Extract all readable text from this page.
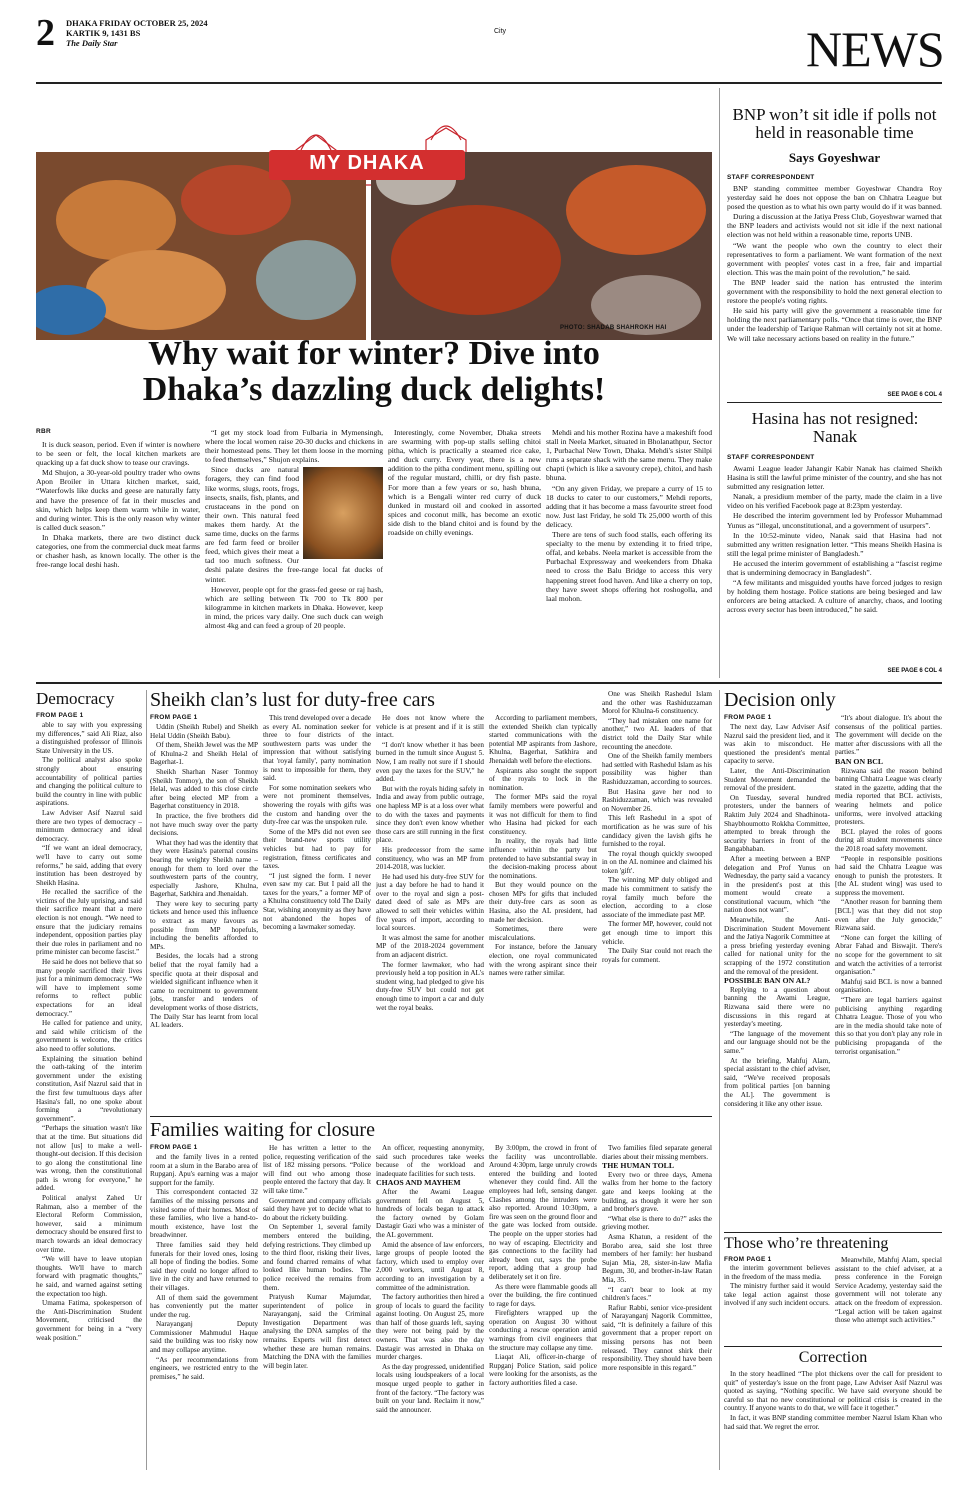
2 DHAKA FRIDAY OCTOBER 25, 2024
KARTIK 9, 1431 BS
The Daily Star
City	NEWS
MY DHAKA
PHOTO: SHADAB SHAHROKH HAI
Why wait for winter? Dive into
Dhaka’s dazzling duck delights!
RBR

It is duck season, period. Even if winter is nowhere to be seen or felt, the local kitchen markets are quacking up a fat duck show to tease our cravings.

Md Shujon, a 30-year-old poultry trader who owns Apon Broiler in Uttara kitchen market, said, “Waterfowls like ducks and geese are naturally fatty and have the presence of fat in their muscles and skin, which helps keep them warm while in water, and during winter. This is the only reason why winter is called duck season.”

In Dhaka markets, there are two distinct duck categories, one from the commercial duck meat farms or chasher hash, as known locally. The other is the free-range local deshi hash.

“I get my stock load from Fulbaria in Mymensingh, where the local women raise 20-30 ducks and chickens in their homestead pens. They let them loose in the morning to feed themselves,” Shujon explains.

Since ducks are natural foragers, they can find food like worms, slugs, roots, frogs, insects, snails, fish, plants, and crustaceans in the pond on their own. This natural feed makes them hardy. At the same time, ducks on the farms are fed farm feed or broiler feed, which gives their meat a tad too much softness. Our deshi palate desires the free-range local fat ducks of winter.

However, people opt for the grass-fed geese or raj hash, which are selling between Tk 700 to Tk 800 per kilogramme in kitchen markets in Dhaka. However, keep in mind, the prices vary daily. One such duck can weigh almost 4kg and can feed a group of 20 people.

Interestingly, come November, Dhaka streets are swarming with pop-up stalls selling chitoi pitha, which is practically a steamed rice cake, and duck curry. Every year, there is a new addition to the pitha condiment menu, spilling out of the regular mustard, chilli, or dry fish paste. For more than a few years or so, hash bhuna, which is a Bengali winter red curry of duck dunked in mustard oil and cooked in assorted spices and coconut milk, has become an exotic side dish to the bland chitoi and is found by the roadside on chilly evenings.

Mehdi and his mother Rozina have a makeshift food stall in Neela Market, situated in Bholanathpur, Sector 1, Purbachal New Town, Dhaka. Mehdi's sister Shilpi runs a separate shack with the same menu. They make chapti (which is like a savoury crepe), chitoi, and hash bhuna.

“On any given Friday, we prepare a curry of 15 to 18 ducks to cater to our customers,” Mehdi reports, adding that it has become a mass favourite street food now. Just last Friday, he sold Tk 25,000 worth of this delicacy.

There are tens of such food stalls, each offering its specialty to the menu by extending it to fried tripe, offal, and kebabs. Neela market is accessible from the Purbachal Expressway and weekenders from Dhaka need to cross the Balu Bridge to access this very happening street food haven. And like a cherry on top, they have sweet shops offering hot roshogolla, and laal mohon.

BNP won’t sit idle if polls not held in reasonable time
Says Goyeshwar
STAFF CORRESPONDENT

BNP standing committee member Goyeshwar Chandra Roy yesterday said he does not oppose the ban on Chhatra League but posed the question as to what his own party would do if it was banned.

During a discussion at the Jatiya Press Club, Goyeshwar warned that the BNP leaders and activists would not sit idle if the next national election was not held within a reasonable time, reports UNB.

“We want the people who own the country to elect their representatives to form a parliament. We want formation of the next government with peoples' votes cast in a free, fair and impartial election. This was the main point of the revolution,” he said.

The BNP leader said the nation has entrusted the interim government with the responsibility to hold the next general election to restore the people's voting rights.

He said his party will give the government a reasonable time for holding the next parliamentary polls. “Once that time is over, the BNP under the leadership of Tarique Rahman will certainly not sit at home. We will take necessary actions based on reality in the future.”

SEE PAGE 6 COL 4
Hasina has not resigned: Nanak
STAFF CORRESPONDENT

Awami League leader Jahangir Kabir Nanak has claimed Sheikh Hasina is still the lawful prime minister of the country, and she has not submitted any resignation letter.

Nanak, a presidium member of the party, made the claim in a live video on his verified Facebook page at 8:23pm yesterday.

He described the interim government led by Professor Muhammad Yunus as “illegal, unconstitutional, and a government of usurpers”.

In the 10:52-minute video, Nanak said that Hasina had not submitted any written resignation letter. “This means Sheikh Hasina is still the legal prime minister of Bangladesh.”

He accused the interim government of establishing a “fascist regime that is undermining democracy in Bangladesh”.

“A few militants and misguided youths have forced judges to resign by holding them hostage. Police stations are being besieged and law enforcers are being attacked. A culture of anarchy, chaos, and looting across every sector has been introduced,” he said.

SEE PAGE 6 COL 4
Democracy
FROM PAGE 1

able to say with you expressing my differences,” said Ali Riaz, also a distinguished professor of Illinois State University in the US.

The political analyst also spoke strongly about ensuring accountability of political parties and changing the political culture to build the country in line with public aspirations.

Law Adviser Asif Nazrul said there are two types of democracy – minimum democracy and ideal democracy.

“If we want an ideal democracy, we'll have to carry out some reforms,” he said, adding that every institution has been destroyed by Sheikh Hasina.

He recalled the sacrifice of the victims of the July uprising, and said their sacrifice meant that a mere election is not enough. “We need to ensure that the judiciary remains independent, opposition parties play their due roles in parliament and no prime minister can become fascist.”

He said he does not believe that so many people sacrificed their lives just for a minimum democracy. “We will have to implement some reforms to reflect public expectations for an ideal democracy.”

He called for patience and unity, and said while criticism of the government is welcome, the critics also need to offer solutions.

Explaining the situation behind the oath-taking of the interim government under the existing constitution, Asif Nazrul said that in the first few tumultuous days after Hasina's fall, no one spoke about forming a “revolutionary government”.

“Perhaps the situation wasn't like that at the time. But situations did not allow [us] to make a well-thought-out decision. If this decision to go along the constitutional line was wrong, then the constitutional path is wrong for everyone,” he added.

Political analyst Zahed Ur Rahman, also a member of the Electoral Reform Commission, however, said a minimum democracy should be ensured first to march towards an ideal democracy over time.

“We will have to leave utopian thoughts. We'll have to march forward with pragmatic thoughts,” he said, and warned against setting the expectation too high.

Umama Fatima, spokesperson of the Anti-Discrimination Student Movement, criticised the government for being in a “very weak position.”

Sheikh clan’s lust for duty-free cars
FROM PAGE 1

Uddin (Sheikh Rubel) and Sheikh Helal Uddin (Sheikh Babu).

Of them, Sheikh Jewel was the MP of Khulna-2 and Sheikh Helal of Bagerhat-1.

Sheikh Sharhan Naser Tonmoy (Sheikh Tonmoy), the son of Sheikh Helal, was added to this close circle after being elected MP from a Bagerhat constituency in 2018.

In practice, the five brothers did not have much sway over the party decisions.

What they had was the identity that they were Hasina's paternal cousins bearing the weighty Sheikh name – enough for them to lord over the southwestern parts of the country, especially Jashore, Khulna, Bagerhat, Satkhira and Jhenaidah.

They were key to securing party tickets and hence used this influence to extract as many favours as possible from MP hopefuls, including the benefits afforded to MPs.

Besides, the locals had a strong belief that the royal family had a specific quota at their disposal and wielded significant influence when it came to recruitment to government jobs, transfer and tenders of development works of those districts, The Daily Star has learnt from local AL leaders.

This trend developed over a decade as every AL nomination seeker for three to four districts of the southwestern parts was under the impression that without satisfying that 'royal family', party nomination is next to impossible for them, they said.

For some nomination seekers who were not prominent themselves, showering the royals with gifts was the custom and handing over the duty-free car was the unspoken rule.

Some of the MPs did not even see their brand-new sports utility vehicles but had to pay for registration, fitness certificates and taxes.

“I just signed the form. I never even saw my car. But I paid all the taxes for the years,” a former MP of a Khulna constituency told The Daily Star, wishing anonymity as they have not abandoned the hopes of becoming a lawmaker someday.

He does not know where the vehicle is at present and if it is still intact.

“I don't know whether it has been burned in the tumult since August 5. Now, I am really not sure if I should even pay the taxes for the SUV,” he added.

But with the royals hiding safely in India and away from public outrage, one hapless MP is at a loss over what to do with the taxes and payments since they don't even know whether those cars are still running in the first place.

His predecessor from the same constituency, who was an MP from 2014-2018, was luckier.

He had used his duty-free SUV for just a day before he had to hand it over to the royal and sign a post-dated deed of sale as MPs are allowed to sell their vehicles within five years of import, according to local sources.

It was almost the same for another MP of the 2018-2024 government from an adjacent district.

The former lawmaker, who had previously held a top position in AL's student wing, had pledged to give his duty-free SUV but could not get enough time to import a car and duly wet the royal beaks.

According to parliament members, the extended Sheikh clan typically started communications with the potential MP aspirants from Jashore, Khulna, Bagerhat, Satkhira and Jhenaidah well before the elections.

Aspirants also sought the support of the royals to lock in the nomination.

The former MPs said the royal family members were powerful and it was not difficult for them to find who Hasina had picked for each constituency.

In reality, the royals had little influence within the party but pretended to have substantial sway in the decision-making process about the nominations.

But they would pounce on the chosen MPs for gifts that included their duty-free cars as soon as Hasina, also the AL president, had made her decision.

Sometimes, there were miscalculations.

For instance, before the January election, one royal communicated with the wrong aspirant since their names were rather similar.

One was Sheikh Rashedul Islam and the other was Rashiduzzaman Morol for Khulna-6 constituency.

“They had mistaken one name for another,” two AL leaders of that district told the Daily Star while recounting the anecdote.

One of the Sheikh family members had settled with Rashedul Islam as his possibility was higher than Rashiduzzaman, according to sources.

But Hasina gave her nod to Rashiduzzaman, which was revealed on November 26.

This left Rashedul in a spot of mortification as he was sure of his candidacy given the lavish gifts he furnished to the royal.

The royal though quickly swooped in on the AL nominee and claimed his token 'gift'.

The winning MP duly obliged and made his commitment to satisfy the royal family much before the election, according to a close associate of the immediate past MP.

The former MP, however, could not get enough time to import this vehicle.

The Daily Star could not reach the royals for comment.

Families waiting for closure
FROM PAGE 1

and the family lives in a rented room at a slum in the Barabo area of Rupganj. Apu's earning was a major support for the family.

This correspondent contacted 32 families of the missing persons and visited some of their homes. Most of these families, who live a hand-to-mouth existence, have lost the breadwinner.

Three families said they held funerals for their loved ones, losing all hope of finding the bodies. Some said they could no longer afford to live in the city and have returned to their villages.

All of them said the government has conveniently put the matter under the rug.

Narayanganj Deputy Commissioner Mahmudul Haque said the building was too risky now and may collapse anytime.

“As per recommendations from engineers, we restricted entry to the premises,” he said.

He has written a letter to the police, requesting verification of the list of 182 missing persons. “Police will find out who among those people entered the factory that day. It will take time.”

Government and company officials said they have yet to decide what to do about the rickety building.

On September 1, several family members entered the building, defying restrictions. They climbed up to the third floor, risking their lives, and found charred remains of what looked like human bodies. The police received the remains from them.

Pratyush Kumar Majumdar, superintendent of police in Narayanganj, said the Criminal Investigation Department was analysing the DNA samples of the remains. Experts will first detect whether these are human remains. Matching the DNA with the families will begin later.

An officer, requesting anonymity, said such procedures take weeks because of the workload and inadequate facilities for such tests.

CHAOS AND MAYHEM

After the Awami League government fell on August 5, hundreds of locals began to attack the factory owned by Golam Dastagir Gazi who was a minister of the AL government.

Amid the absence of law enforcers, large groups of people looted the factory, which used to employ over 2,000 workers, until August 8, according to an investigation by a committee of the administration.

The factory authorities then hired a group of locals to guard the facility against looting. On August 25, more than half of those guards left, saying they were not being paid by the owners. That was also the day Dastagir was arrested in Dhaka on murder charges.

As the day progressed, unidentified locals using loudspeakers of a local mosque urged people to gather in front of the factory. “The factory was built on your land. Reclaim it now,” said the announcer.

By 3:00pm, the crowd in front of the facility was uncontrollable. Around 4:30pm, large unruly crowds entered the building and looted whenever they could find. All the employees had left, sensing danger. Clashes among the intruders were also reported. Around 10:30pm, a fire was seen on the ground floor and the gate was locked from outside. The people on the upper stories had no way of escaping. Electricity and gas connections to the facility had already been cut, says the probe report, adding that a group had deliberately set it on fire.

As there were flammable goods all over the building, the fire continued to rage for days.

Firefighters wrapped up the operation on August 30 without conducting a rescue operation amid warnings from civil engineers that the structure may collapse any time.

Liaqat Ali, officer-in-charge of Rupganj Police Station, said police were looking for the arsonists, as the factory authorities filed a case.

Two families filed separate general diaries about their missing members.

THE HUMAN TOLL

Every two or three days, Amena walks from her home to the factory gate and keeps looking at the building, as though it were her son and brother's grave.

“What else is there to do?” asks the grieving mother.

Asma Khatun, a resident of the Borabo area, said she lost three members of her family: her husband Sujan Mia, 28, sister-in-law Mafia Begum, 30, and brother-in-law Ratan Mia, 35.

“I can't bear to look at my children's faces.”

Rafiur Rabbi, senior vice-president of Narayanganj Nagorik Committee, said, “It is definitely a failure of this government that a proper report on missing persons has not been released. They cannot shirk their responsibility. They should have been more responsible in this regard.”

Decision only
FROM PAGE 1

The next day, Law Adviser Asif Nazrul said the president lied, and it was akin to misconduct. He questioned the president's mental capacity to serve.

Later, the Anti-Discrimination Student Movement demanded the removal of the president.

On Tuesday, several hundred protesters, under the banners of Raktim July 2024 and Shadhinota-Shaybhoumotto Rokkha Committee, attempted to break through the security barriers in front of the Bangabhaban.

After a meeting between a BNP delegation and Prof Yunus on Wednesday, the party said a vacancy in the president's post at this moment would create a constitutional vacuum, which “the nation does not want”.

Meanwhile, the Anti-Discrimination Student Movement and the Jatiya Nagorik Committee at a press briefing yesterday evening called for national unity for the scrapping of the 1972 constitution and the removal of the president.

POSSIBLE BAN ON AL?

Replying to a question about banning the Awami League, Rizwana said there were no discussions in this regard at yesterday's meeting.

“The language of the movement and our language should not be the same.”

At the briefing, Mahfuj Alam, special assistant to the chief adviser, said, “We've received proposals from political parties [on banning the AL]. The government is considering it like any other issue.

“It's about dialogue. It's about the consensus of the political parties. The government will decide on the matter after discussions with all the parties.”

BAN ON BCL

Rizwana said the reason behind banning Chhatra League was clearly stated in the gazette, adding that the media reported that BCL activists, wearing helmets and police uniforms, were involved attacking protesters.

BCL played the roles of goons during all student movements since the 2018 road safety movement.

“People in responsible positions had said the Chhatra League was enough to punish the protesters. It [the AL student wing] was used to suppress the movement.

“Another reason for banning them [BCL] was that they did not stop even after the July genocide,” Rizwana said.

“None can forget the killing of Abrar Fahad and Biswajit. There's no scope for the government to sit and watch the activities of a terrorist organisation.”

Mahfuj said BCL is now a banned organisation.

“There are legal barriers against publicising anything regarding Chhatra League. Those of you who are in the media should take note of this so that you don't play any role in publicising propaganda of the terrorist organisation.”

Those who’re threatening
FROM PAGE 1

the interim government believes in the freedom of the mass media.

The ministry further said it would take legal action against those involved if any such incident occurs.

Meanwhile, Mahfuj Alam, special assistant to the chief adviser, at a press conference in the Foreign Service Academy, yesterday said the government will not tolerate any attack on the freedom of expression. “Legal action will be taken against those who attempt such activities.”

Correction

In the story headlined “The plot thickens over the call for president to quit” of yesterday's issue on the front page, Law Adviser Asif Nazrul was quoted as saying, “Nothing specific. We have said everyone should be careful so that no new constitutional or political crisis is created in the country. If anyone wants to do that, we will face it together.”

In fact, it was BNP standing committee member Nazrul Islam Khan who had said that. We regret the error.
